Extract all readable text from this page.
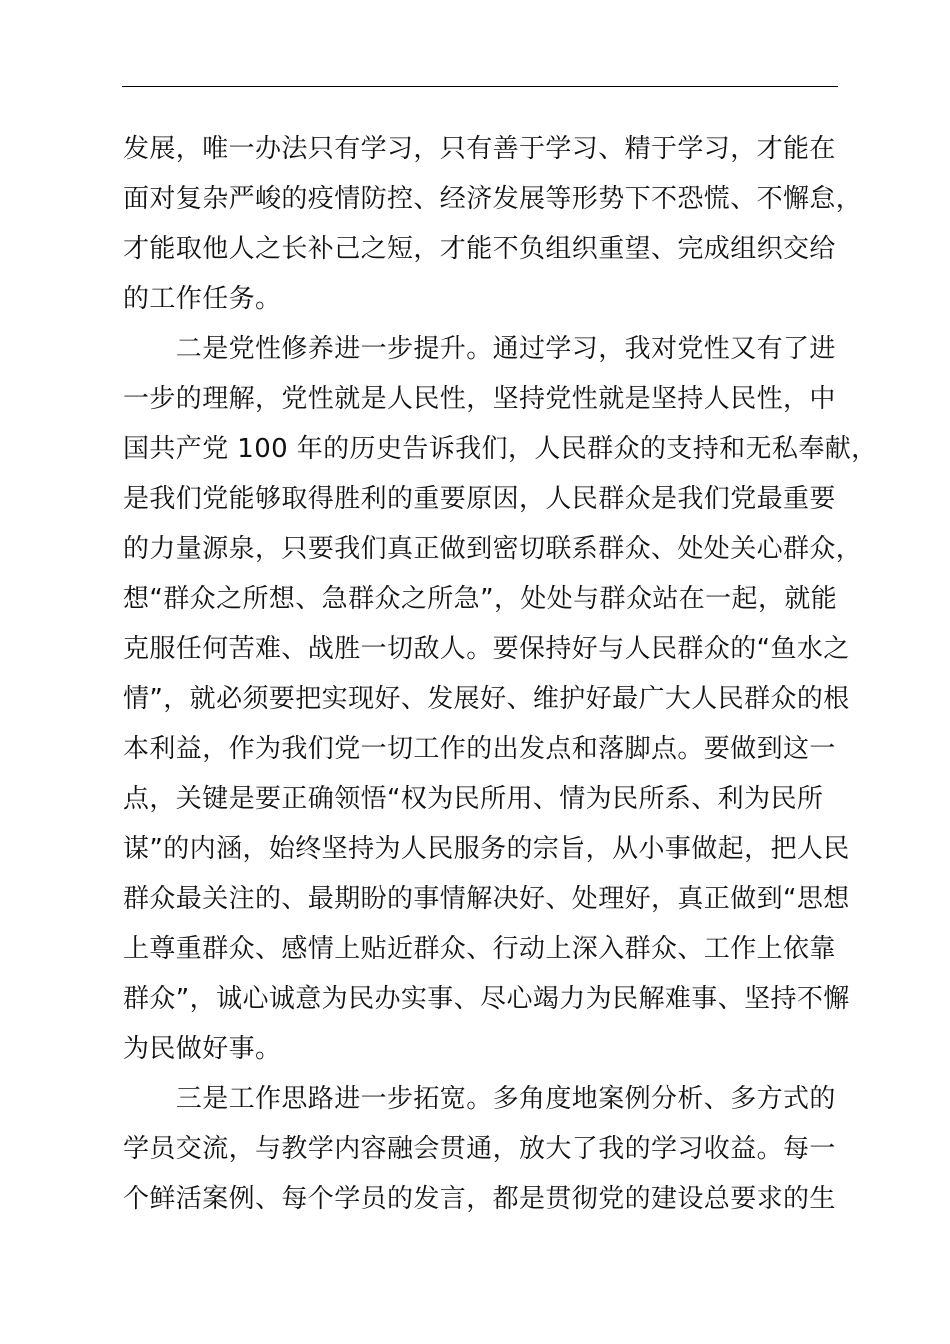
发展，唯一办法只有学习，只有善于学习、精于学习，才能在
面对复杂严峻的疫情防控、经济发展等形势下不恐慌、不懈怠，
才能取他人之长补己之短，才能不负组织重望、完成组织交给
的工作任务。
　　二是党性修养进一步提升。通过学习，我对党性又有了进
一步的理解，党性就是人民性，坚持党性就是坚持人民性，中
国共产党 100 年的历史告诉我们，人民群众的支持和无私奉献，
是我们党能够取得胜利的重要原因，人民群众是我们党最重要
的力量源泉，只要我们真正做到密切联系群众、处处关心群众，
想“群众之所想、急群众之所急”，处处与群众站在一起，就能
克服任何苦难、战胜一切敌人。要保持好与人民群众的“鱼水之
情”，就必须要把实现好、发展好、维护好最广大人民群众的根
本利益，作为我们党一切工作的出发点和落脚点。要做到这一
点，关键是要正确领悟“权为民所用、情为民所系、利为民所
谋”的内涵，始终坚持为人民服务的宗旨，从小事做起，把人民
群众最关注的、最期盼的事情解决好、处理好，真正做到“思想
上尊重群众、感情上贴近群众、行动上深入群众、工作上依靠
群众”，诚心诚意为民办实事、尽心竭力为民解难事、坚持不懈
为民做好事。
　　三是工作思路进一步拓宽。多角度地案例分析、多方式的
学员交流，与教学内容融会贯通，放大了我的学习收益。每一
个鲜活案例、每个学员的发言，都是贯彻党的建设总要求的生
